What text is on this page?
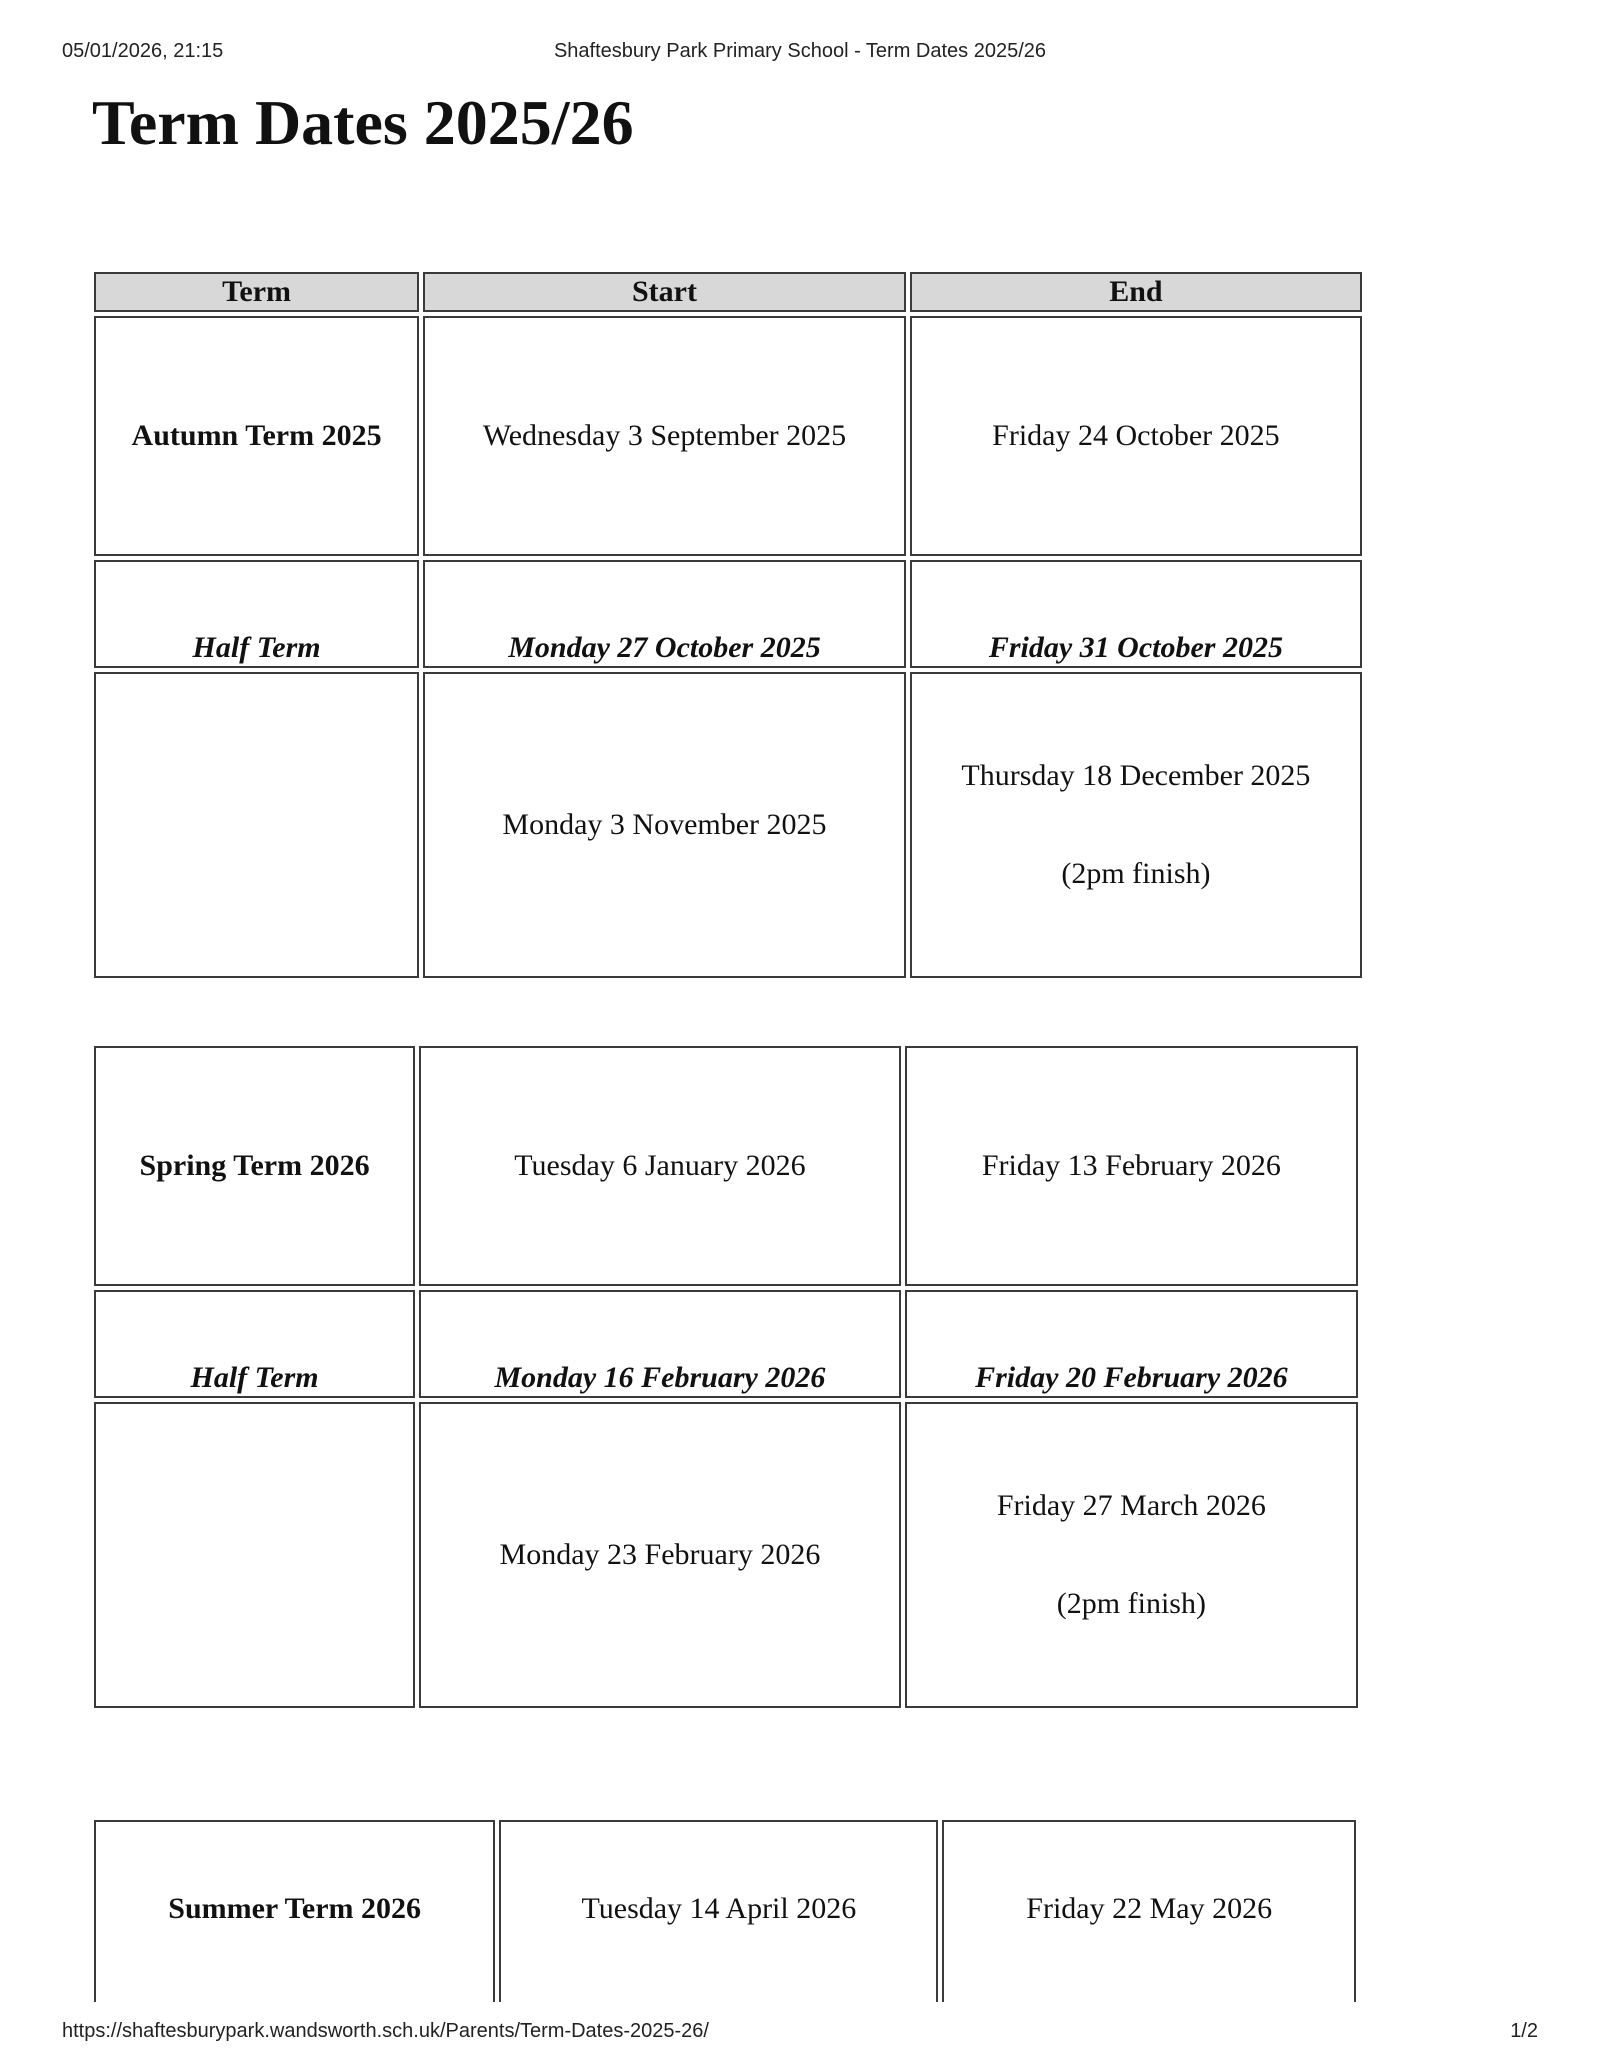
05/01/2026, 21:15	Shaftesbury Park Primary School - Term Dates 2025/26
Term Dates 2025/26
Term	Start	End
Autumn Term 2025	Wednesday 3 September 2025	Friday 24 October 2025
Half Term	Monday 27 October 2025	Friday 31 October 2025
	Monday 3 November 2025	Thursday 18 December 2025
(2pm finish)
Spring Term 2026	Tuesday 6 January 2026	Friday 13 February 2026
Half Term	Monday 16 February 2026	Friday 20 February 2026
	Monday 23 February 2026	Friday 27 March 2026
(2pm finish)
Summer Term 2026	Tuesday 14 April 2026	Friday 22 May 2026
https://shaftesburypark.wandsworth.sch.uk/Parents/Term-Dates-2025-26/	1/2
